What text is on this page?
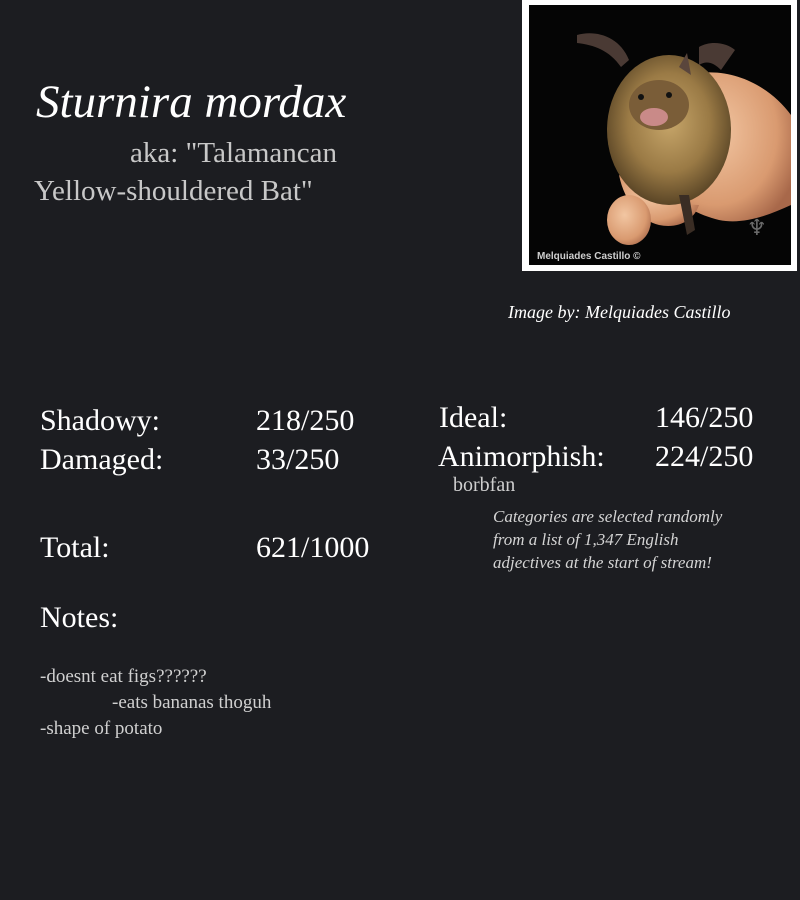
Sturnira mordax
aka: "Talamancan
Yellow-shouldered Bat"
Melquiades Castillo ©
♆
Image by: Melquiades Castillo
Shadowy:	218/250
Damaged:	33/250
Total:	621/1000
Ideal:	146/250
Animorphish: 224/250
borbfan
Categories are selected randomly
from a list of 1,347 English
adjectives at the start of stream!
Notes:
-doesnt eat figs??????
-eats bananas thoguh
-shape of potato
